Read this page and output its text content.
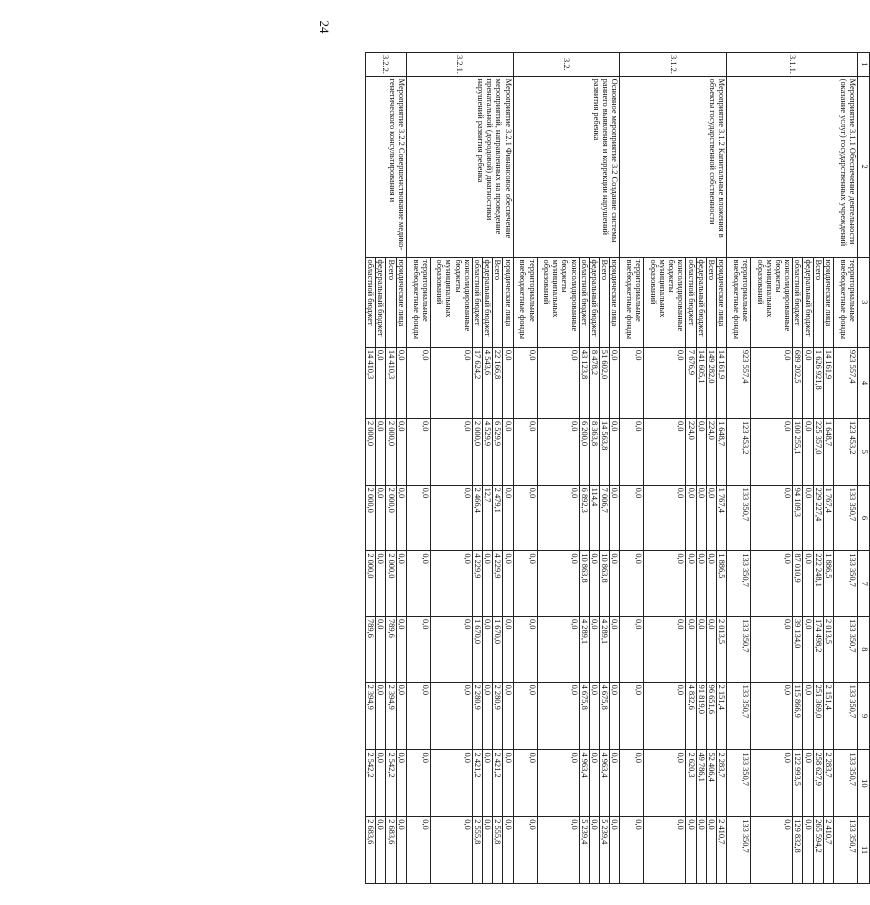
24
1	2	3	4	5	6	7	8	9	10	11
3.1.1.	Мероприятие 3.1.1 Обеспечение деятельности (оказание услуг) государственных учреждений	территориальные внебюджетные фонды	923 557,4	123 453,2	133 350,7	133 350,7	133 350,7	133 350,7	133 350,7	133 350,7
		юридические лица	14 161,9	1 648,7	1 767,4	1 886,5	2 013,5	2 151,4	2 283,7	2 410,7
		Всего	1 626 921,8	225 357,0	229 227,4	222 248,1	174 498,2	251 369,0	258 627,9	265 594,2
		федеральный бюджет	0,0	0,0	0,0	0,0	0,0	0,0	0,0	0,0
		областной бюджет	689 202,5	100 255,1	94 109,3	87 010,9	39 134,0	115 866,9	122 993,5	129 832,8
		консолидированные бюджеты муниципальных образований	0,0	0,0	0,0	0,0	0,0	0,0	0,0	0,0
		территориальные внебюджетные фонды	923 557,4	123 453,2	133 350,7	133 350,7	133 350,7	133 350,7	133 350,7	133 350,7
3.1.2.	Мероприятие 3.1.2 Капитальные вложения в объекты государственной собственности	юридические лица	14 161,9	1 648,7	1 767,4	1 886,5	2 013,5	2 151,4	2 283,7	2 410,7
		Всего	149 282,0	224,0	0,0	0,0	0,0	96 651,6	52 406,4	0,0
		федеральный бюджет	141 605,1	0,0	0,0	0,0	0,0	91 819,0	49 786,1	0,0
		областной бюджет	7 676,9	224,0	0,0	0,0	0,0	4 832,6	2 620,3	0,0
		консолидированные бюджеты муниципальных образований	0,0	0,0	0,0	0,0	0,0	0,0	0,0	0,0
		территориальные внебюджетные фонды	0,0	0,0	0,0	0,0	0,0	0,0	0,0	0,0
3.2.	Основное мероприятие 3.2 Создание системы раннего выявления и коррекции нарушений развития ребенка	юридические лица	0,0	0,0	0,0	0,0	0,0	0,0	0,0	0,0
		Всего	51 602,0	14 563,8	7 006,7	10 863,8	4 289,1	4 675,8	4 963,4	5 239,4
		федеральный бюджет	8 478,2	8 363,8	114,4	0,0	0,0	0,0	0,0	0,0
		областной бюджет	43 123,8	6 200,0	6 892,3	10 863,8	4 289,1	4 675,8	4 963,4	5 239,4
		консолидированные бюджеты муниципальных образований	0,0	0,0	0,0	0,0	0,0	0,0	0,0	0,0
		территориальные внебюджетные фонды	0,0	0,0	0,0	0,0	0,0	0,0	0,0	0,0
3.2.1.	Мероприятие 3.2.1 Финансовое обеспечение мероприятий, направленных на проведение пренатальной (дородовой) диагностики нарушений развития ребенка	юридические лица	0,0	0,0	0,0	0,0	0,0	0,0	0,0	0,0
		Всего	22 166,8	6 529,9	2 479,1	4 229,9	1 670,0	2 280,9	2 421,2	2 555,8
		федеральный бюджет	4 543,6	4 529,9	12,7	0,0	0,0	0,0	0,0	0,0
		областной бюджет	17 624,2	2 000,0	2 466,4	4 229,9	1 670,0	2 280,9	2 421,2	2 555,8
		консолидированные бюджеты муниципальных образований	0,0	0,0	0,0	0,0	0,0	0,0	0,0	0,0
		территориальные внебюджетные фонды	0,0	0,0	0,0	0,0	0,0	0,0	0,0	0,0
3.2.2.	Мероприятие 3.2.2 Совершенствование медико-генетического консультирования и	юридические лица	0,0	0,0	0,0	0,0	0,0	0,0	0,0	0,0
		Всего	14 410,3	2 000,0	2 000,0	2 000,0	789,6	2 394,9	2 542,2	2 683,6
		федеральный бюджет	0,0	0,0	0,0	0,0	0,0	0,0	0,0	0,0
		областной бюджет	14 410,3	2 000,0	2 000,0	2 000,0	789,6	2 394,9	2 542,2	2 683,6
